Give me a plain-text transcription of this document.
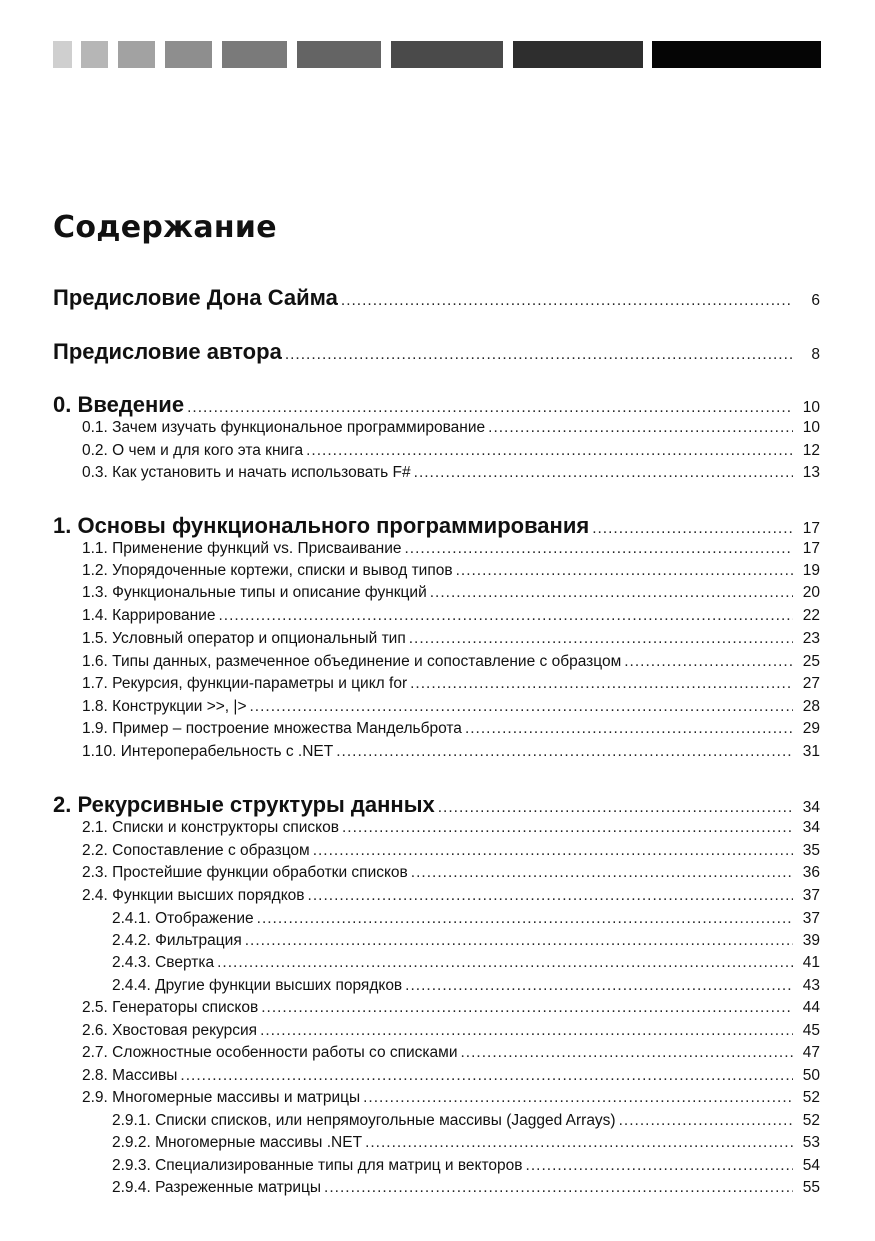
Содержание
Предисловие Дона Сайма .....	6
Предисловие автора .....	8
0. Введение .....	10
0.1. Зачем изучать функциональное программирование .....	10
0.2. О чем и для кого эта книга .....	12
0.3. Как установить и начать использовать F# .....	13
1. Основы функционального программирования .....	17
1.1. Применение функций vs. Присваивание .....	17
1.2. Упорядоченные кортежи, списки и вывод типов .....	19
1.3. Функциональные типы и описание функций .....	20
1.4. Каррирование .....	22
1.5. Условный оператор и опциональный тип .....	23
1.6. Типы данных, размеченное объединение и сопоставление с образцом .....	25
1.7. Рекурсия, функции-параметры и цикл for .....	27
1.8. Конструкции >>, |> .....	28
1.9. Пример – построение множества Мандельброта .....	29
1.10. Интероперабельность с .NET .....	31
2. Рекурсивные структуры данных .....	34
2.1. Списки и конструкторы списков .....	34
2.2. Сопоставление с образцом .....	35
2.3. Простейшие функции обработки списков .....	36
2.4. Функции высших порядков .....	37
2.4.1. Отображение .....	37
2.4.2. Фильтрация .....	39
2.4.3. Свертка .....	41
2.4.4. Другие функции высших порядков .....	43
2.5. Генераторы списков .....	44
2.6. Хвостовая рекурсия .....	45
2.7. Сложностные особенности работы со списками .....	47
2.8. Массивы .....	50
2.9. Многомерные массивы и матрицы .....	52
2.9.1. Списки списков, или непрямоугольные массивы (Jagged Arrays) .....	52
2.9.2. Многомерные массивы .NET .....	53
2.9.3. Специализированные типы для матриц и векторов .....	54
2.9.4. Разреженные матрицы .....	55
